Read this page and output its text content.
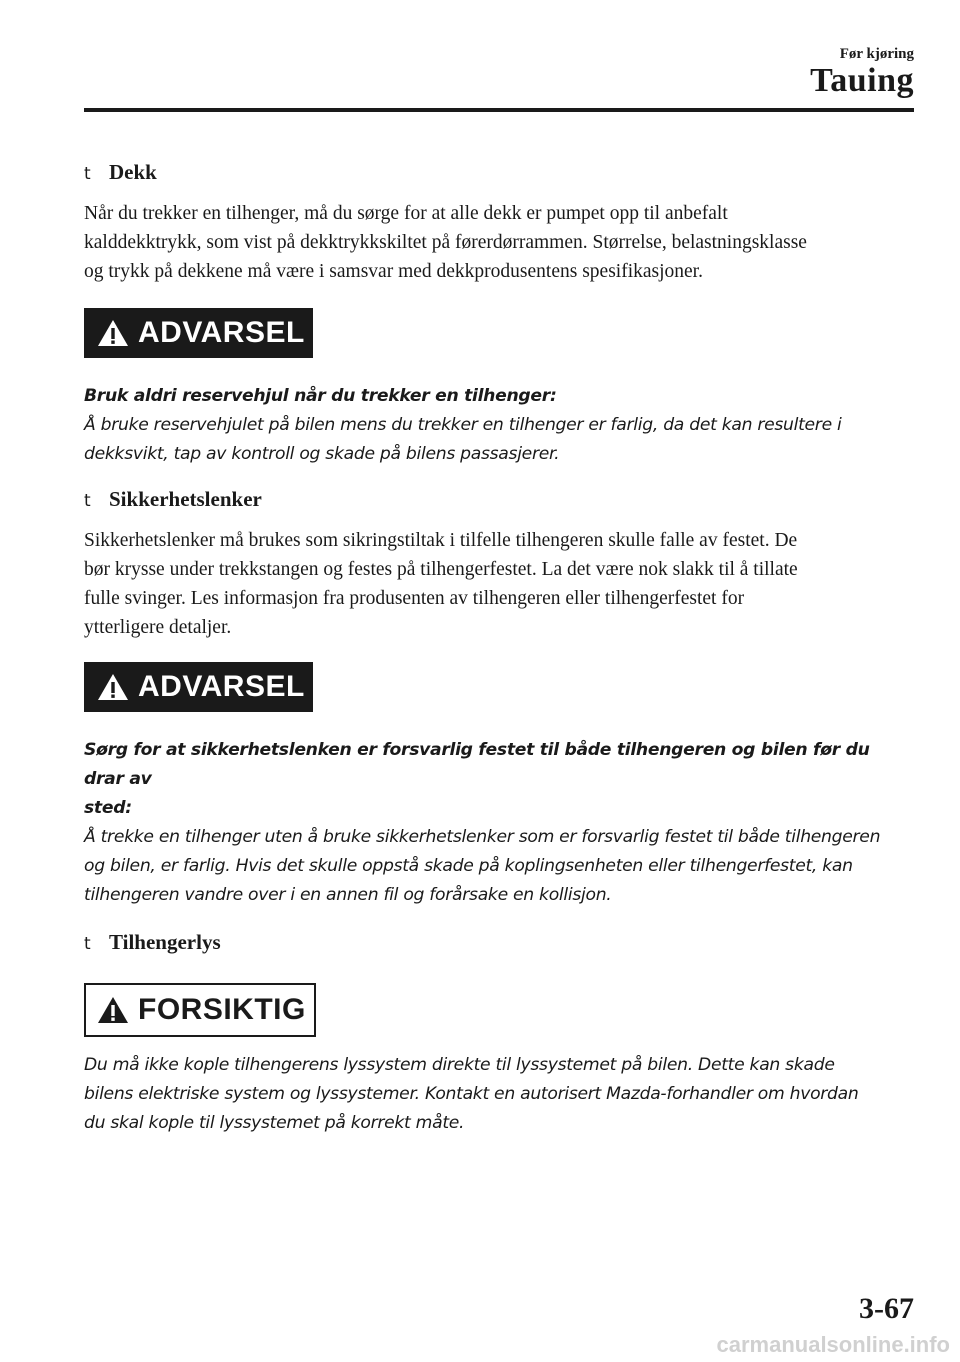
Før kjøring
Tauing
t Dekk

Når du trekker en tilhenger, må du sørge for at alle dekk er pumpet opp til anbefalt
kalddekktrykk, som vist på dekktrykkskiltet på førerdørrammen. Størrelse, belastningsklasse
og trykk på dekkene må være i samsvar med dekkprodusentens spesifikasjoner.

ADVARSEL

Bruk aldri reservehjul når du trekker en tilhenger:

Å bruke reservehjulet på bilen mens du trekker en tilhenger er farlig, da det kan resultere i
dekksvikt, tap av kontroll og skade på bilens passasjerer.

t Sikkerhetslenker

Sikkerhetslenker må brukes som sikringstiltak i tilfelle tilhengeren skulle falle av festet. De
bør krysse under trekkstangen og festes på tilhengerfestet. La det være nok slakk til å tillate
fulle svinger. Les informasjon fra produsenten av tilhengeren eller tilhengerfestet for
ytterligere detaljer.

ADVARSEL

Sørg for at sikkerhetslenken er forsvarlig festet til både tilhengeren og bilen før du drar av
sted:

Å trekke en tilhenger uten å bruke sikkerhetslenker som er forsvarlig festet til både tilhengeren
og bilen, er farlig. Hvis det skulle oppstå skade på koplingsenheten eller tilhengerfestet, kan
tilhengeren vandre over i en annen fil og forårsake en kollisjon.

t Tilhengerlys
FORSIKTIG

Du må ikke kople tilhengerens lyssystem direkte til lyssystemet på bilen. Dette kan skade
bilens elektriske system og lyssystemer. Kontakt en autorisert Mazda-forhandler om hvordan
du skal kople til lyssystemet på korrekt måte.

3-67
carmanualsonline.info
